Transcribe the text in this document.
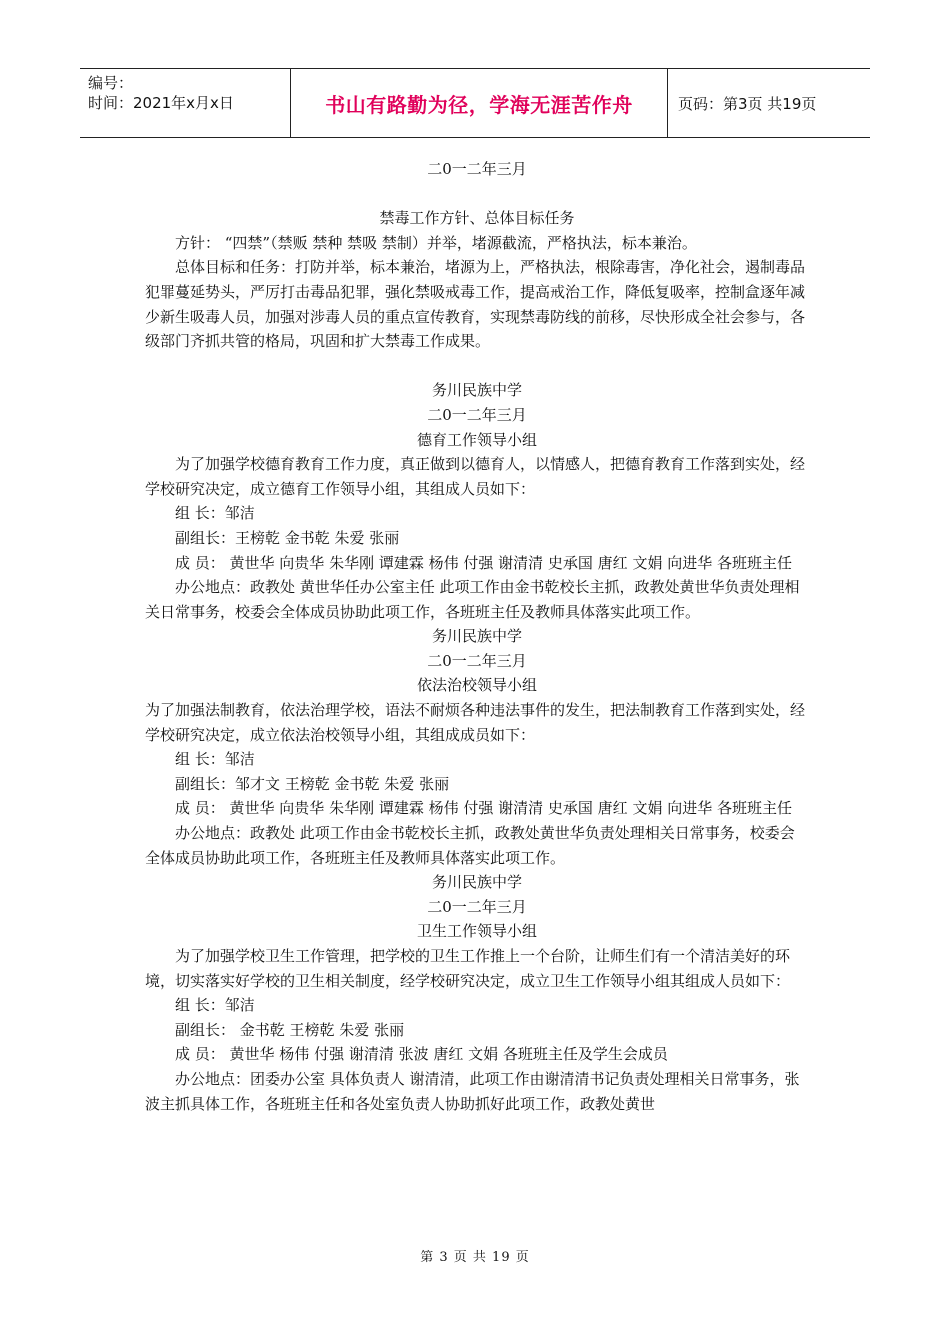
编号：
时间：2021年x月x日	书山有路勤为径，学海无涯苦作舟	页码：第3页 共19页

二0一二年三月

禁毒工作方针、总体目标任务

方针： “四禁”（禁贩 禁种 禁吸 禁制）并举，堵源截流，严格执法，标本兼治。

总体目标和任务：打防并举，标本兼治，堵源为上，严格执法，根除毒害，净化社会，遏制毒品犯罪蔓延势头，严厉打击毒品犯罪，强化禁吸戒毒工作，提高戒治工作，降低复吸率，控制盒逐年减少新生吸毒人员，加强对涉毒人员的重点宣传教育，实现禁毒防线的前移，尽快形成全社会参与，各级部门齐抓共管的格局，巩固和扩大禁毒工作成果。

务川民族中学

二0一二年三月

德育工作领导小组

为了加强学校德育教育工作力度，真正做到以德育人，以情感人，把德育教育工作落到实处，经学校研究决定，成立德育工作领导小组，其组成人员如下：

组 长：邹洁

副组长：王榜乾 金书乾 朱爱 张丽

成 员： 黄世华 向贵华 朱华刚 谭建霖 杨伟 付强 谢清清 史承国 唐红 文娟 向进华 各班班主任

办公地点：政教处 黄世华任办公室主任 此项工作由金书乾校长主抓，政教处黄世华负责处理相关日常事务，校委会全体成员协助此项工作，各班班主任及教师具体落实此项工作。

务川民族中学

二0一二年三月

依法治校领导小组

为了加强法制教育，依法治理学校，语法不耐烦各种违法事件的发生，把法制教育工作落到实处，经学校研究决定，成立依法治校领导小组，其组成成员如下：

组 长：邹洁

副组长：邹才文 王榜乾 金书乾 朱爱 张丽

成 员： 黄世华 向贵华 朱华刚 谭建霖 杨伟 付强 谢清清 史承国 唐红 文娟 向进华 各班班主任

办公地点：政教处 此项工作由金书乾校长主抓，政教处黄世华负责处理相关日常事务，校委会全体成员协助此项工作，各班班主任及教师具体落实此项工作。

务川民族中学

二0一二年三月

卫生工作领导小组

为了加强学校卫生工作管理，把学校的卫生工作推上一个台阶，让师生们有一个清洁美好的环境，切实落实好学校的卫生相关制度，经学校研究决定，成立卫生工作领导小组其组成人员如下：

组 长：邹洁

副组长： 金书乾 王榜乾 朱爱 张丽

成 员： 黄世华 杨伟 付强 谢清清 张波 唐红 文娟 各班班主任及学生会成员

办公地点：团委办公室 具体负责人 谢清清，此项工作由谢清清书记负责处理相关日常事务，张波主抓具体工作，各班班主任和各处室负责人协助抓好此项工作，政教处黄世

第 3 页 共 19 页
